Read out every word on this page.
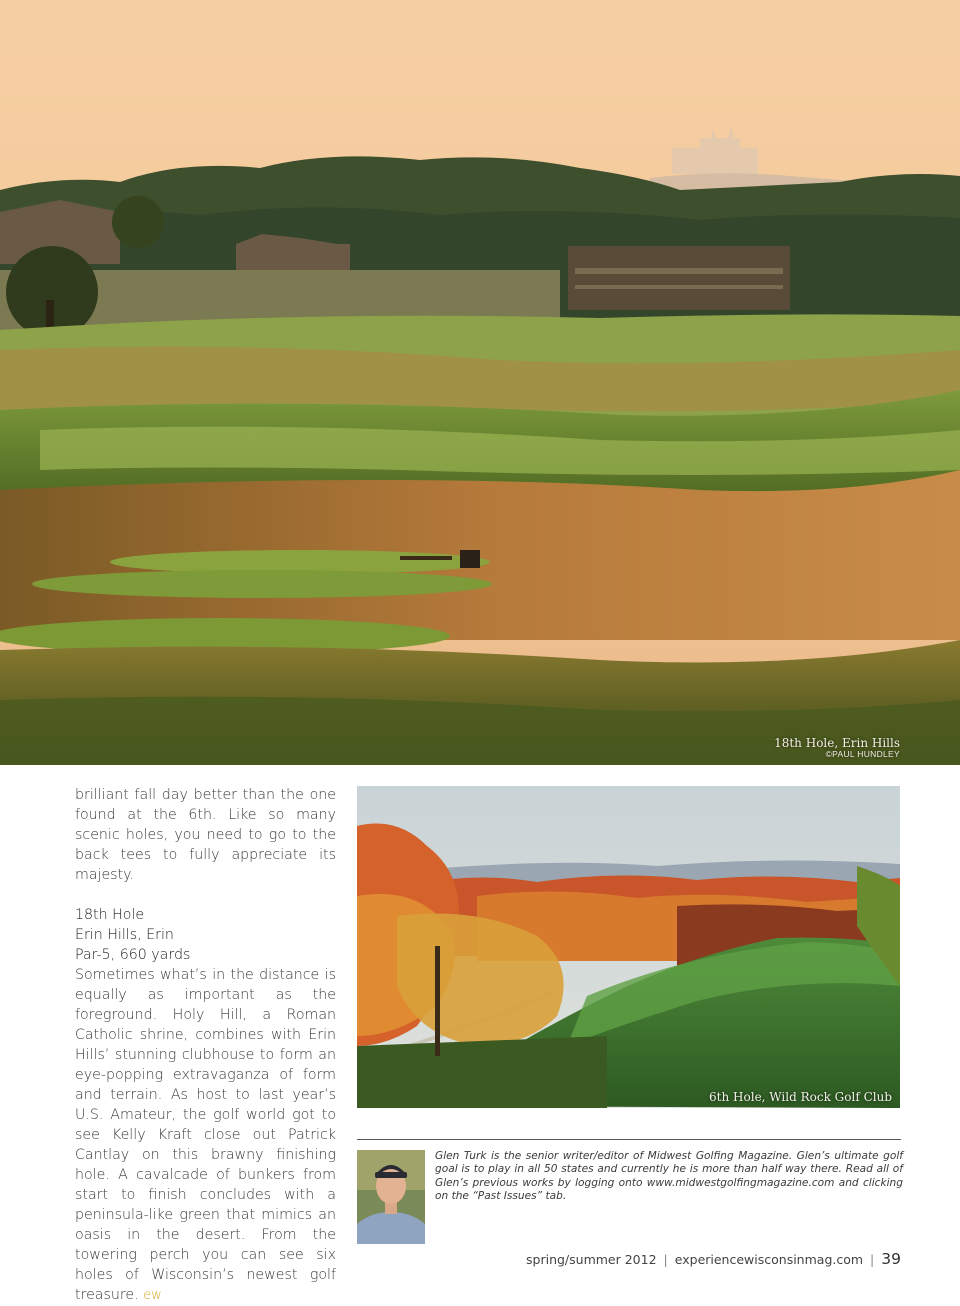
18th Hole, Erin Hills
©PAUL HUNDLEY

brilliant fall day better than the one found at the 6th. Like so many scenic holes, you need to go to the back tees to fully appreciate its majesty.

18th Hole
Erin Hills, Erin
Par-5, 660 yards

Sometimes what’s in the distance is equally as important as the foreground. Holy Hill, a Roman Catholic shrine, combines with Erin Hills’ stunning clubhouse to form an eye-popping extravaganza of form and terrain. As host to last year’s U.S. Amateur, the golf world got to see Kelly Kraft close out Patrick Cantlay on this brawny finishing hole. A cavalcade of bunkers from start to finish concludes with a peninsula-like green that mimics an oasis in the desert. From the towering perch you can see six holes of Wisconsin’s newest golf treasure. ew

6th Hole, Wild Rock Golf Club

Glen Turk is the senior writer/editor of Midwest Golfing Magazine. Glen’s ultimate golf goal is to play in all 50 states and currently he is more than half way there. Read all of Glen’s previous works by logging onto www.midwestgolfingmagazine.com and clicking on the “Past Issues” tab.

spring/summer 2012 | experiencewisconsinmag.com | 39
